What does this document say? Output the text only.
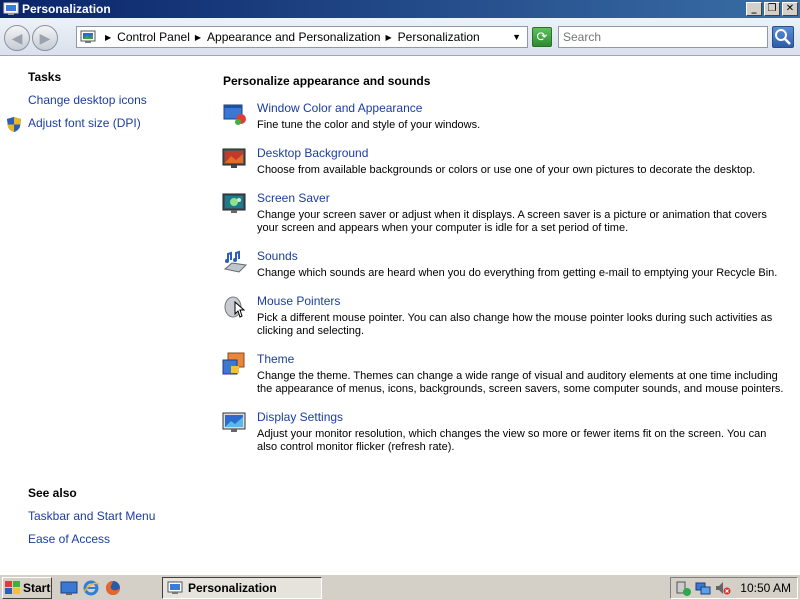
Personalization	_	❐ ✕
◀	▶	▶ Control Panel ▶ Appearance and Personalization ▶ Personalization	▼	⟳
Search
Tasks
Change desktop icons
Adjust font size (DPI)
See also
Taskbar and Start Menu
Ease of Access
Personalize appearance and sounds
Window Color and Appearance
Fine tune the color and style of your windows.
Desktop Background
Choose from available backgrounds or colors or use one of your own pictures to decorate the desktop.
Screen Saver
Change your screen saver or adjust when it displays. A screen saver is a picture or animation that covers your screen and appears when your computer is idle for a set period of time.
Sounds
Change which sounds are heard when you do everything from getting e-mail to emptying your Recycle Bin.
Mouse Pointers
Pick a different mouse pointer. You can also change how the mouse pointer looks during such activities as clicking and selecting.
Theme
Change the theme. Themes can change a wide range of visual and auditory elements at one time including the appearance of menus, icons, backgrounds, screen savers, some computer sounds, and mouse pointers.
Display Settings
Adjust your monitor resolution, which changes the view so more or fewer items fit on the screen. You can also control monitor flicker (refresh rate).
Start	Personalization	10:50 AM
